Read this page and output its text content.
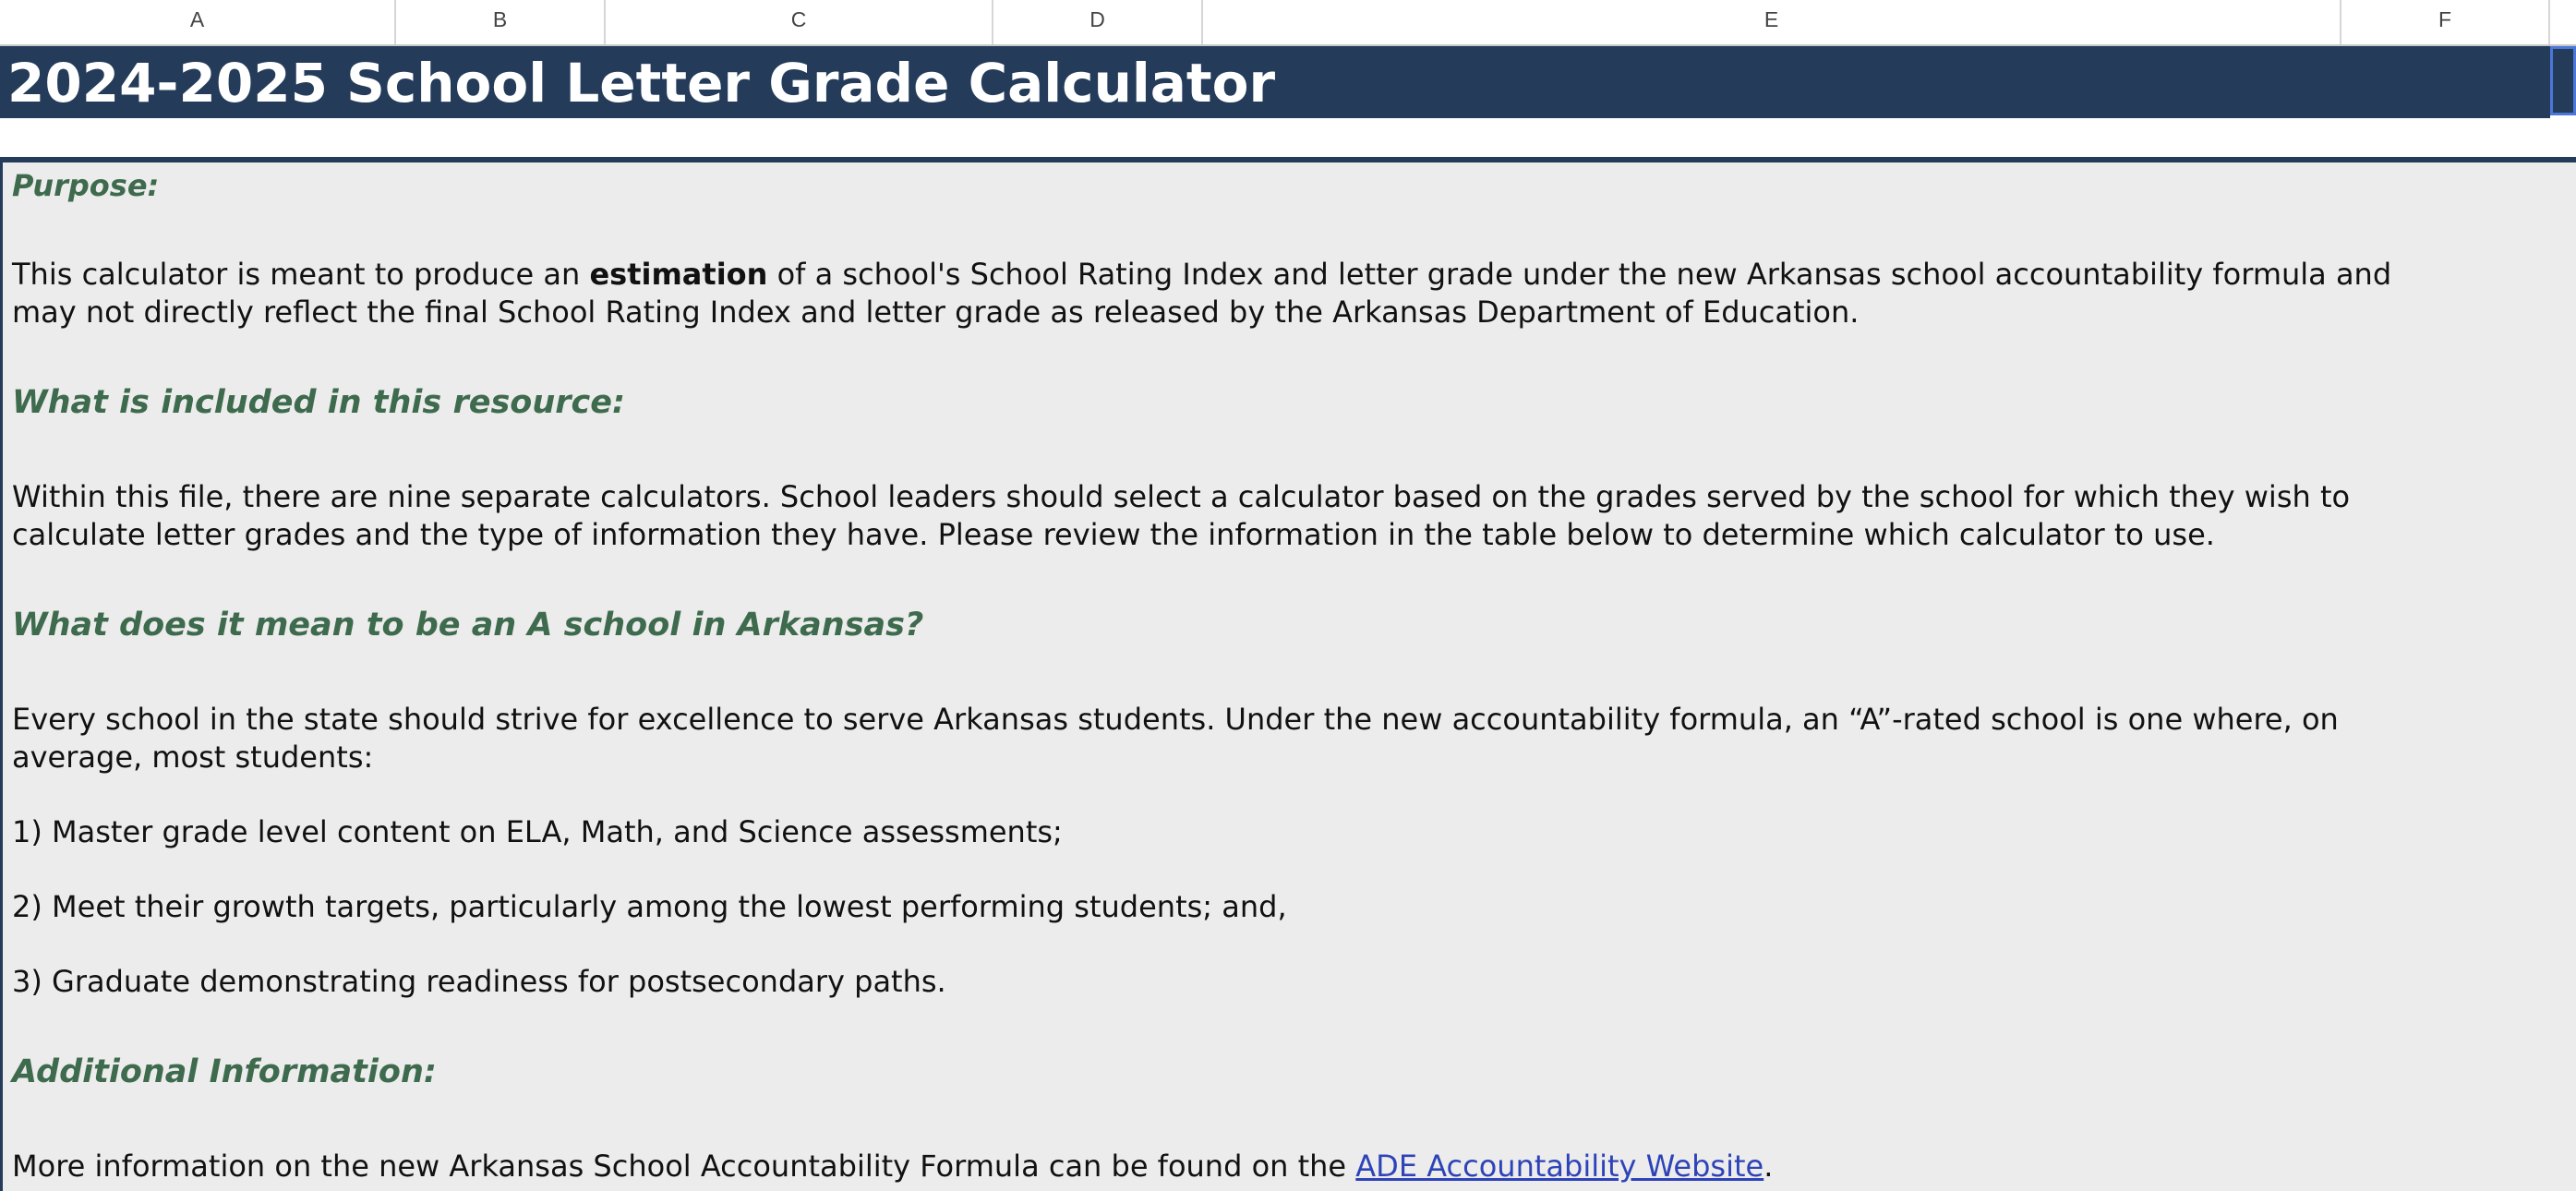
A	B	C	D	E	F
2024-2025 School Letter Grade Calculator
Purpose:
This calculator is meant to produce an estimation of a school's School Rating Index and letter grade under the new Arkansas school accountability formula and
may not directly reflect the final School Rating Index and letter grade as released by the Arkansas Department of Education.
What is included in this resource:
Within this file, there are nine separate calculators. School leaders should select a calculator based on the grades served by the school for which they wish to
calculate letter grades and the type of information they have. Please review the information in the table below to determine which calculator to use.
What does it mean to be an A school in Arkansas?
Every school in the state should strive for excellence to serve Arkansas students. Under the new accountability formula, an “A”-rated school is one where, on
average, most students:
1) Master grade level content on ELA, Math, and Science assessments;
2) Meet their growth targets, particularly among the lowest performing students; and,
3) Graduate demonstrating readiness for postsecondary paths.
Additional Information:
More information on the new Arkansas School Accountability Formula can be found on the ADE Accountability Website.
